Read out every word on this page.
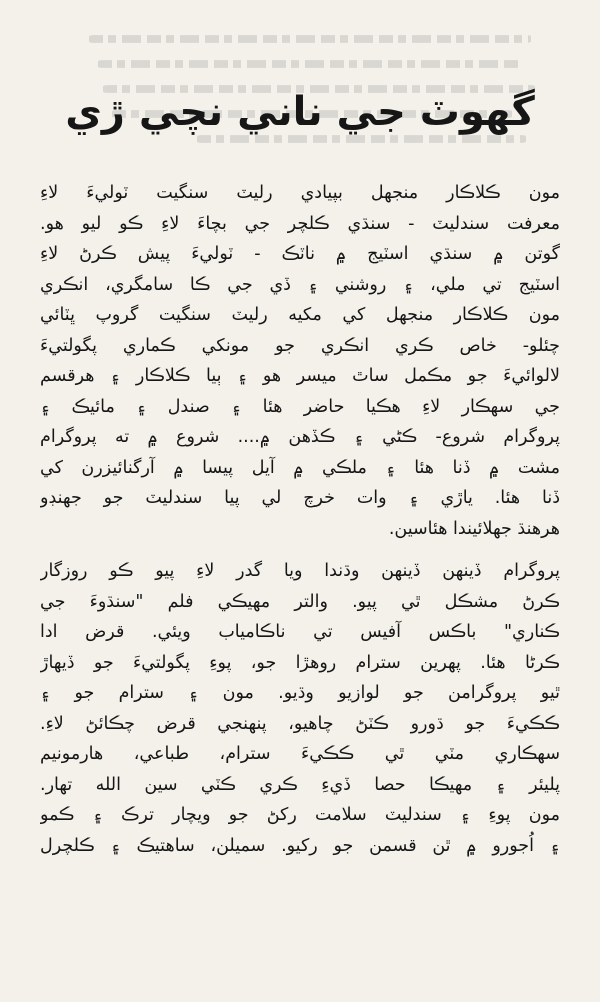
گھوٽ جي ناني نچي ڙي
مون ڪلاڪار منجهل بپيادي رليٽ سنگيت ٽوليءَ لاءِ
معرفت سندليٽ - سنڌي ڪلچر جي بچاءَ لاءِ ڪو ليو هو.
گوتن ۾ سنڌي اسٽيج ۾ ناٽڪ - ٽوليءَ پيش ڪرڻ لاءِ
اسٽيج تي ملي، ۽ روشني ۽ ڏي جي ڪا سامگري، انڪري
مون ڪلاڪار منجهل کي مکيه رليٽ سنگيت گروپ ڀٽائي
چئلو- خاص ڪري انڪري جو مونکي ڪماري پگولتيءَ
لالوائيءَ جو مڪمل ساٿ ميسر هو ۽ ٻيا ڪلاڪار ۽ هرقسم
جي سهڪار لاءِ هڪيا حاضر هئا ۽ صندل ۽ مائيڪ ۽
پروگرام شروع- ڪڻي ۽ ڪڏهن ۾.... شروع ۾ ته پروگرام
مشت ۾ ڏنا هئا ۽ ملڪي ۾ آيل پيسا ۾ آرگنائيزرن کي
ڏنا هئا. ياڙي ۽ وات خرچ لي پيا سندليٽ جو جهنڊو
هرهنڌ جهلائيندا هئاسين.
پروگرام ڏينهن ڏينهن وڌندا ويا گدر لاءِ پيو ڪو روزگار
ڪرڻ مشڪل ٿي پيو. والتر مهيڪي فلم "سنڌوءَ جي
ڪناري" باڪس آفيس تي ناڪامياب ويئي. قرض ادا
ڪرڻا هئا. پهرين سترام روهڙا جو، پوءِ پگولتيءَ جو ڏيهاڙ
ٿيو پروگرامن جو لوازيو وڌيو. مون ۽ سترام جو ۽
ڪڪيءَ جو ڌورو ڪٽڻ چاهيو، پنهنجي قرض چڪائڻ لاءِ.
سهڪاري مٽي ٿي ڪڪيءَ سترام، طباعي، هارمونيم
پليئر ۽ مهيڪا حصا ڏيءِ ڪري ڪٽي سين الله تهار.
مون پوءِ ۽ سندليٽ سلامت رکڻ جو ويچار ترڪ ۽ ڪمو
۽ اُجورو ۾ ٿن قسمن جو رکيو. سميلن، ساهتيڪ ۽ ڪلچرل
